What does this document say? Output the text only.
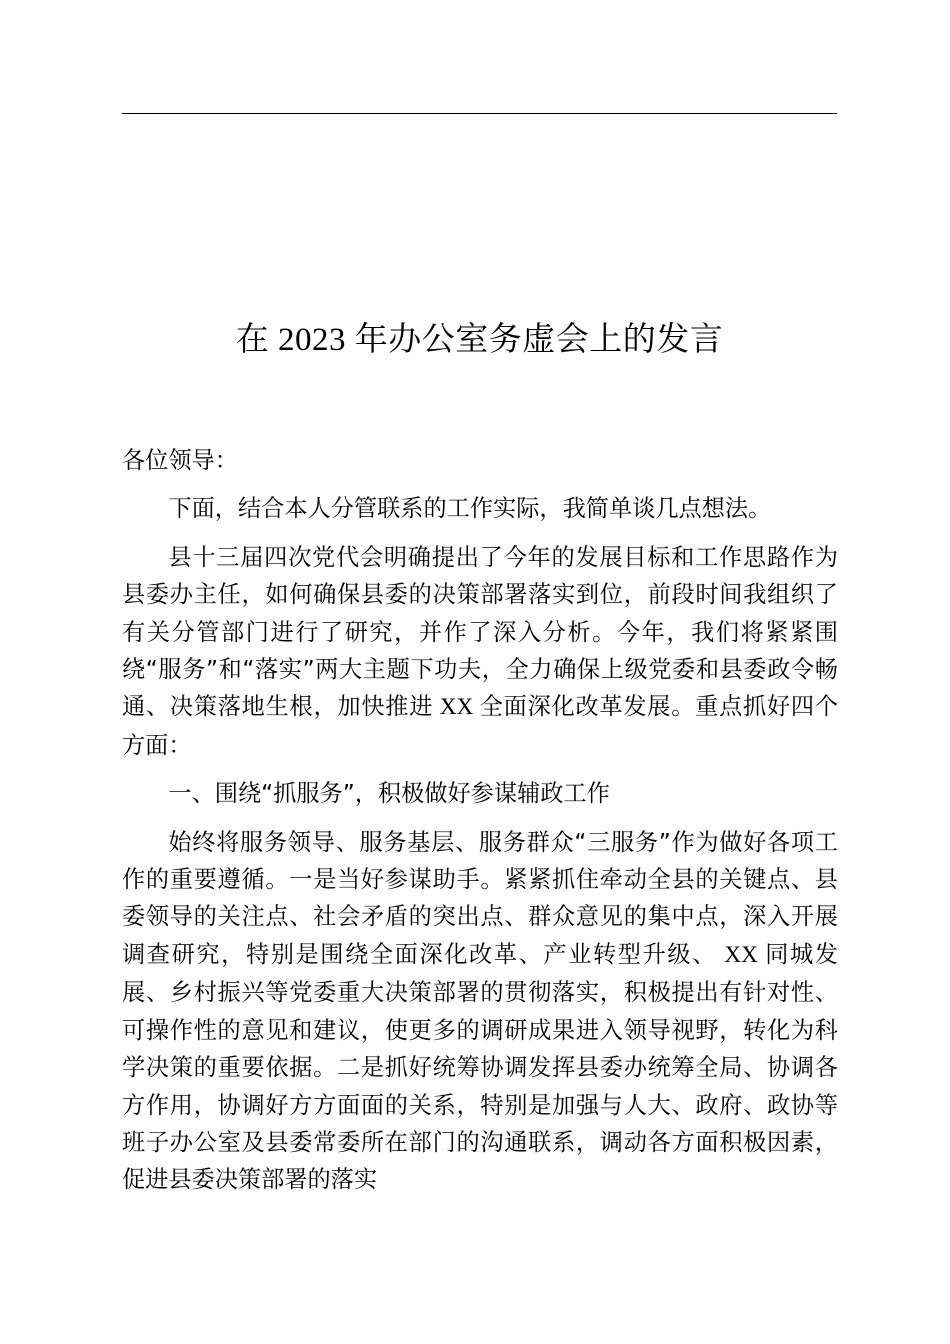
在 2023 年办公室务虚会上的发言

各位领导：

下面，结合本人分管联系的工作实际，我简单谈几点想法。

县十三届四次党代会明确提出了今年的发展目标和工作思路作为县委办主任，如何确保县委的决策部署落实到位，前段时间我组织了有关分管部门进行了研究，并作了深入分析。今年，我们将紧紧围绕“服务”和“落实”两大主题下功夫，全力确保上级党委和县委政令畅通、决策落地生根，加快推进 XX 全面深化改革发展。重点抓好四个方面：

一、围绕“抓服务”，积极做好参谋辅政工作

始终将服务领导、服务基层、服务群众“三服务”作为做好各项工作的重要遵循。一是当好参谋助手。紧紧抓住牵动全县的关键点、县委领导的关注点、社会矛盾的突出点、群众意见的集中点，深入开展调查研究，特别是围绕全面深化改革、产业转型升级、 XX 同城发展、乡村振兴等党委重大决策部署的贯彻落实，积极提出有针对性、可操作性的意见和建议，使更多的调研成果进入领导视野，转化为科学决策的重要依据。二是抓好统筹协调发挥县委办统筹全局、协调各方作用，协调好方方面面的关系，特别是加强与人大、政府、政协等班子办公室及县委常委所在部门的沟通联系，调动各方面积极因素，促进县委决策部署的落实
